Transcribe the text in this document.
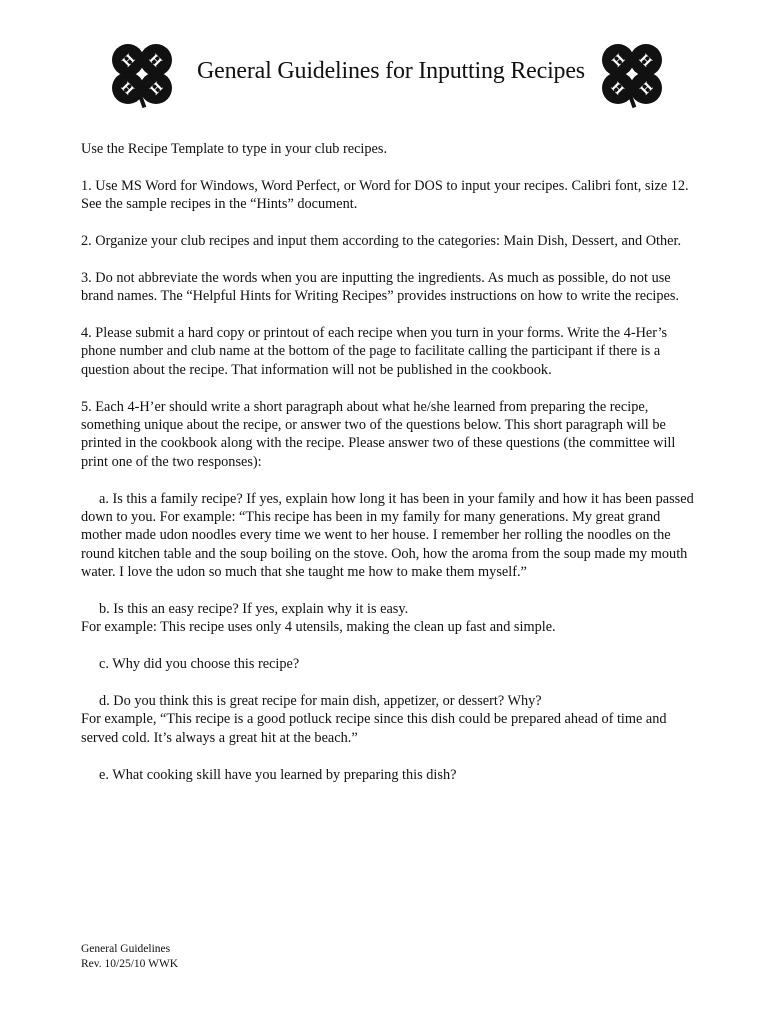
H H
H H
General Guidelines for Inputting Recipes H H
H H

Use the Recipe Template to type in your club recipes.

1. Use MS Word for Windows, Word Perfect, or Word for DOS to input your recipes. Calibri font, size 12. See the sample recipes in the “Hints” document.

2. Organize your club recipes and input them according to the categories: Main Dish, Dessert, and Other.

3. Do not abbreviate the words when you are inputting the ingredients. As much as possible, do not use brand names. The “Helpful Hints for Writing Recipes” provides instructions on how to write the recipes.

4. Please submit a hard copy or printout of each recipe when you turn in your forms. Write the 4-Her’s phone number and club name at the bottom of the page to facilitate calling the participant if there is a question about the recipe. That information will not be published in the cookbook.

5. Each 4-H’er should write a short paragraph about what he/she learned from preparing the recipe, something unique about the recipe, or answer two of the questions below. This short paragraph will be printed in the cookbook along with the recipe. Please answer two of these questions (the committee will print one of the two responses):

a. Is this a family recipe? If yes, explain how long it has been in your family and how it has been passed down to you. For example: “This recipe has been in my family for many generations. My great grand mother made udon noodles every time we went to her house. I remember her rolling the noodles on the round kitchen table and the soup boiling on the stove. Ooh, how the aroma from the soup made my mouth water. I love the udon so much that she taught me how to make them myself.”

b. Is this an easy recipe? If yes, explain why it is easy.
For example: This recipe uses only 4 utensils, making the clean up fast and simple.

c. Why did you choose this recipe?

d. Do you think this is great recipe for main dish, appetizer, or dessert? Why?
For example, “This recipe is a good potluck recipe since this dish could be prepared ahead of time and served cold. It’s always a great hit at the beach.”

e. What cooking skill have you learned by preparing this dish?

General Guidelines
Rev. 10/25/10 WWK
